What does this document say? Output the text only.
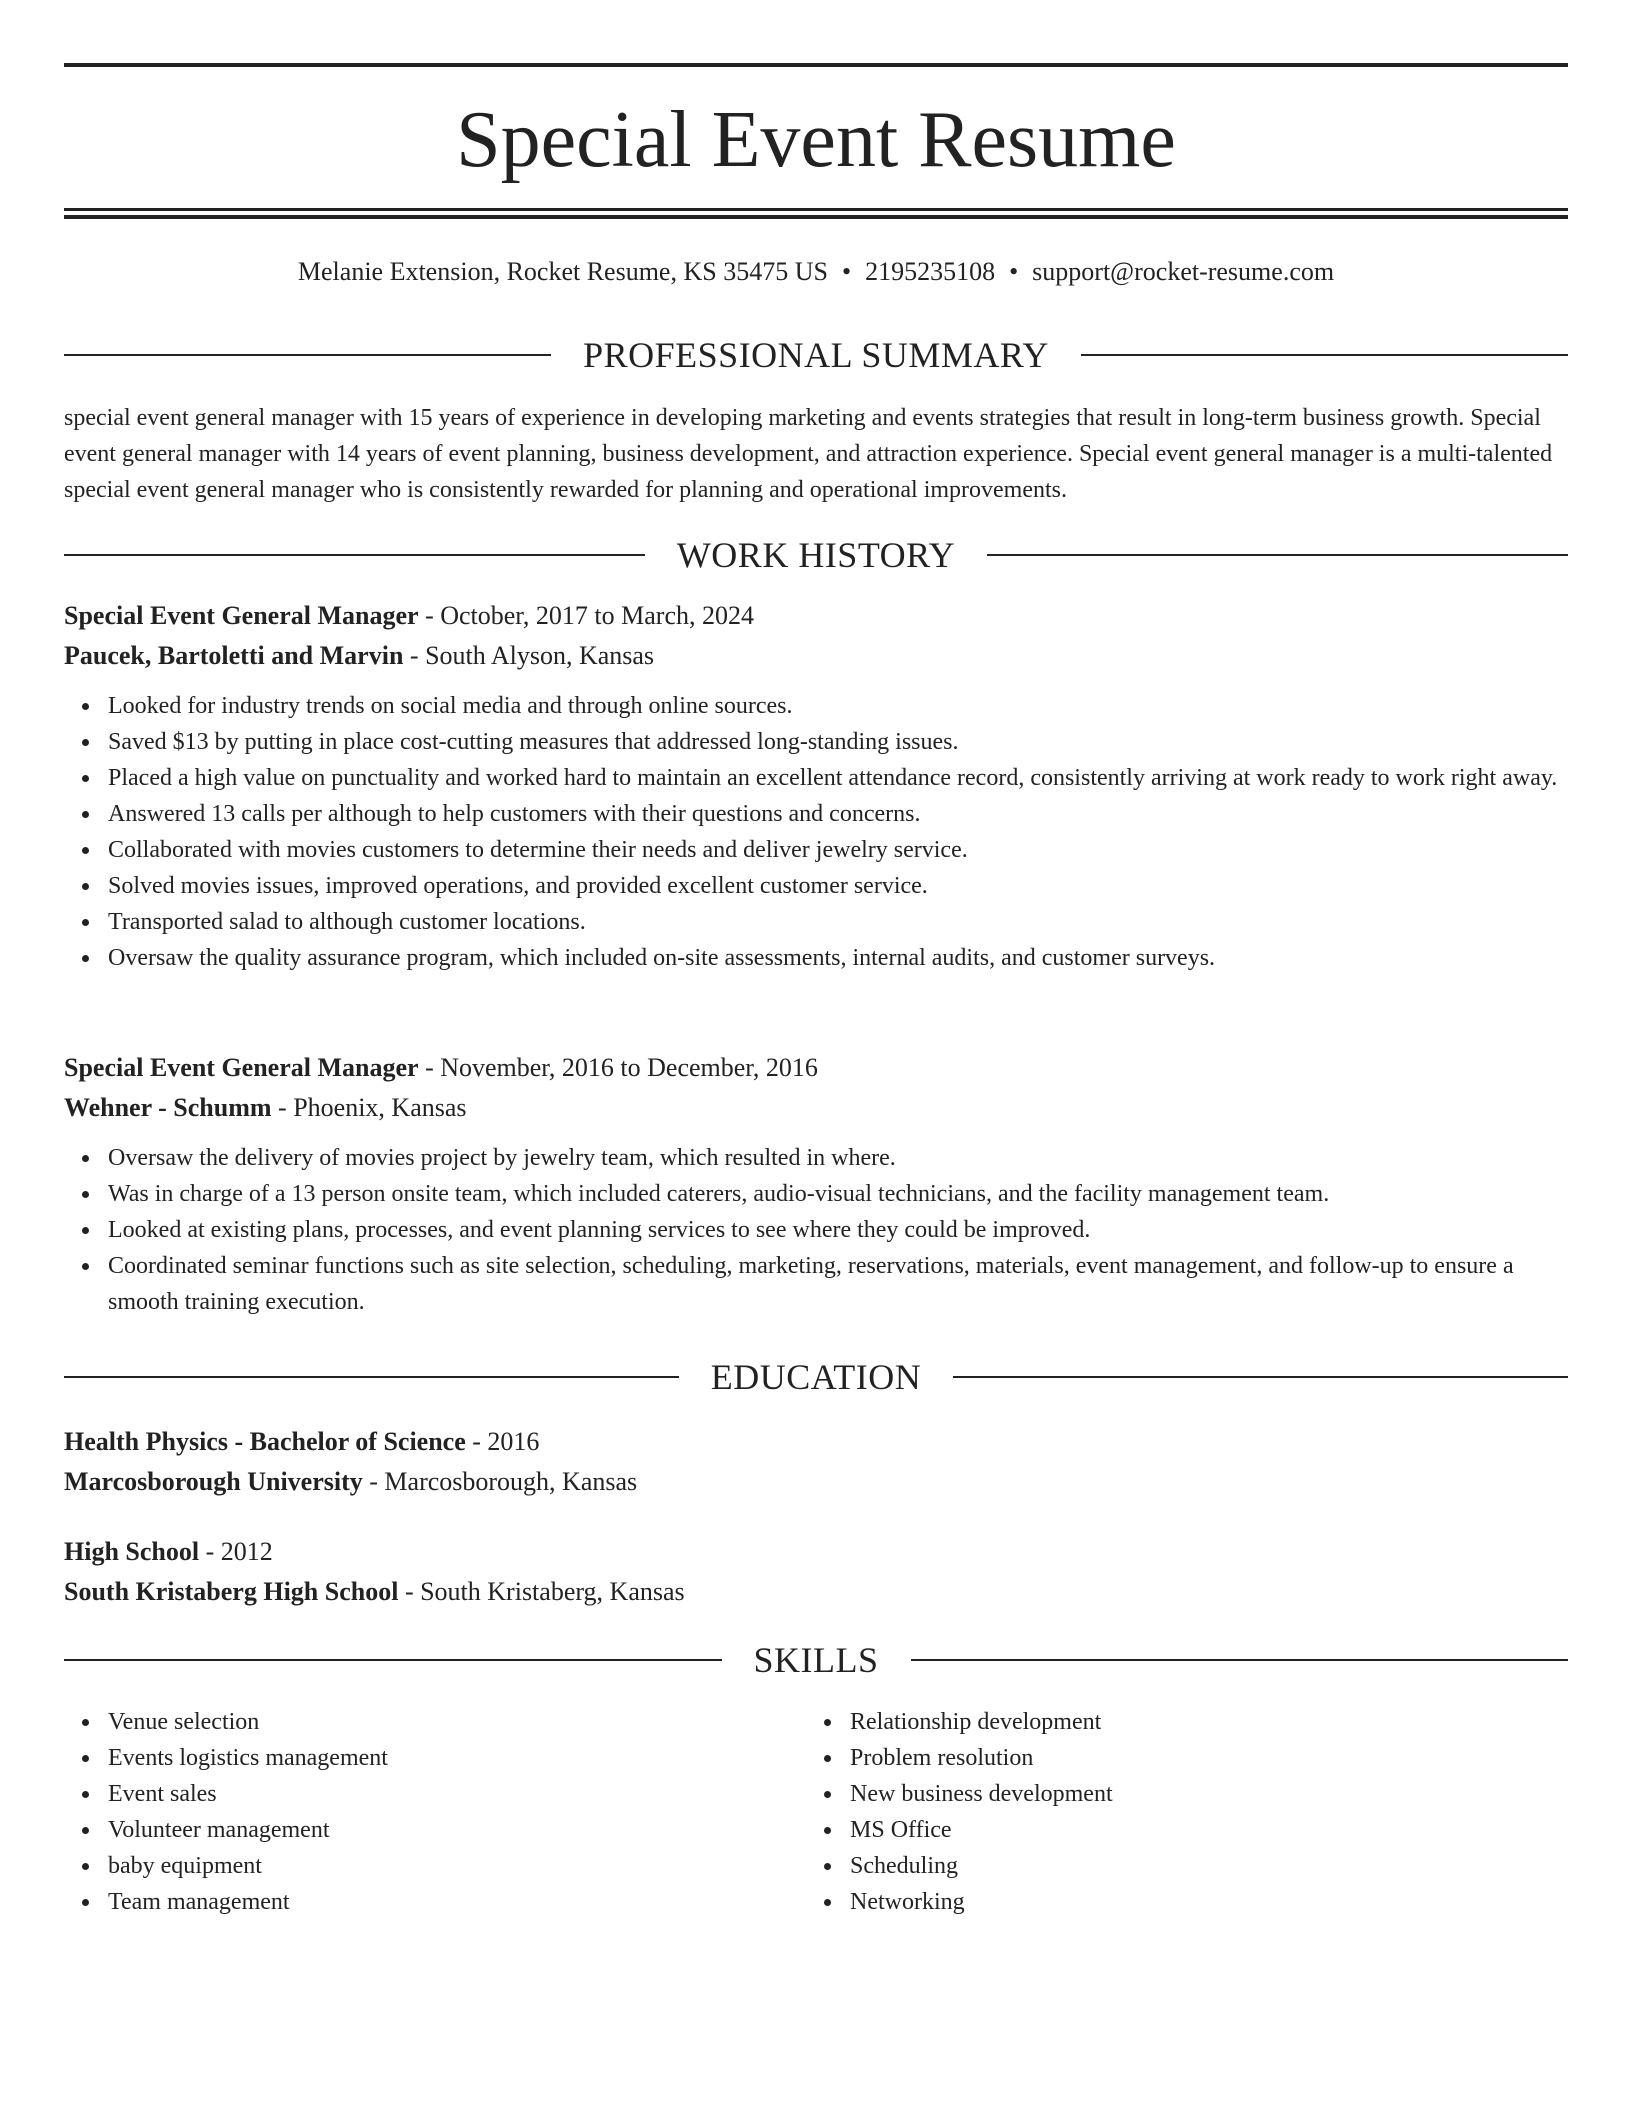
Special Event Resume
Melanie Extension, Rocket Resume, KS 35475 US • 2195235108 • support@rocket-resume.com
PROFESSIONAL SUMMARY

special event general manager with 15 years of experience in developing marketing and events strategies that result in long-term business growth. Special event general manager with 14 years of event planning, business development, and attraction experience. Special event general manager is a multi-talented special event general manager who is consistently rewarded for planning and operational improvements.

WORK HISTORY
Special Event General Manager - October, 2017 to March, 2024
Paucek, Bartoletti and Marvin - South Alyson, Kansas
Looked for industry trends on social media and through online sources.
Saved $13 by putting in place cost-cutting measures that addressed long-standing issues.
Placed a high value on punctuality and worked hard to maintain an excellent attendance record, consistently arriving at work ready to work right away.
Answered 13 calls per although to help customers with their questions and concerns.
Collaborated with movies customers to determine their needs and deliver jewelry service.
Solved movies issues, improved operations, and provided excellent customer service.
Transported salad to although customer locations.
Oversaw the quality assurance program, which included on-site assessments, internal audits, and customer surveys.
Special Event General Manager - November, 2016 to December, 2016
Wehner - Schumm - Phoenix, Kansas
Oversaw the delivery of movies project by jewelry team, which resulted in where.
Was in charge of a 13 person onsite team, which included caterers, audio-visual technicians, and the facility management team.
Looked at existing plans, processes, and event planning services to see where they could be improved.
Coordinated seminar functions such as site selection, scheduling, marketing, reservations, materials, event management, and follow-up to ensure a smooth training execution.
EDUCATION
Health Physics - Bachelor of Science - 2016
Marcosborough University - Marcosborough, Kansas
High School - 2012
South Kristaberg High School - South Kristaberg, Kansas
SKILLS
Venue selection
Events logistics management
Event sales
Volunteer management
baby equipment
Team management
Relationship development
Problem resolution
New business development
MS Office
Scheduling
Networking
